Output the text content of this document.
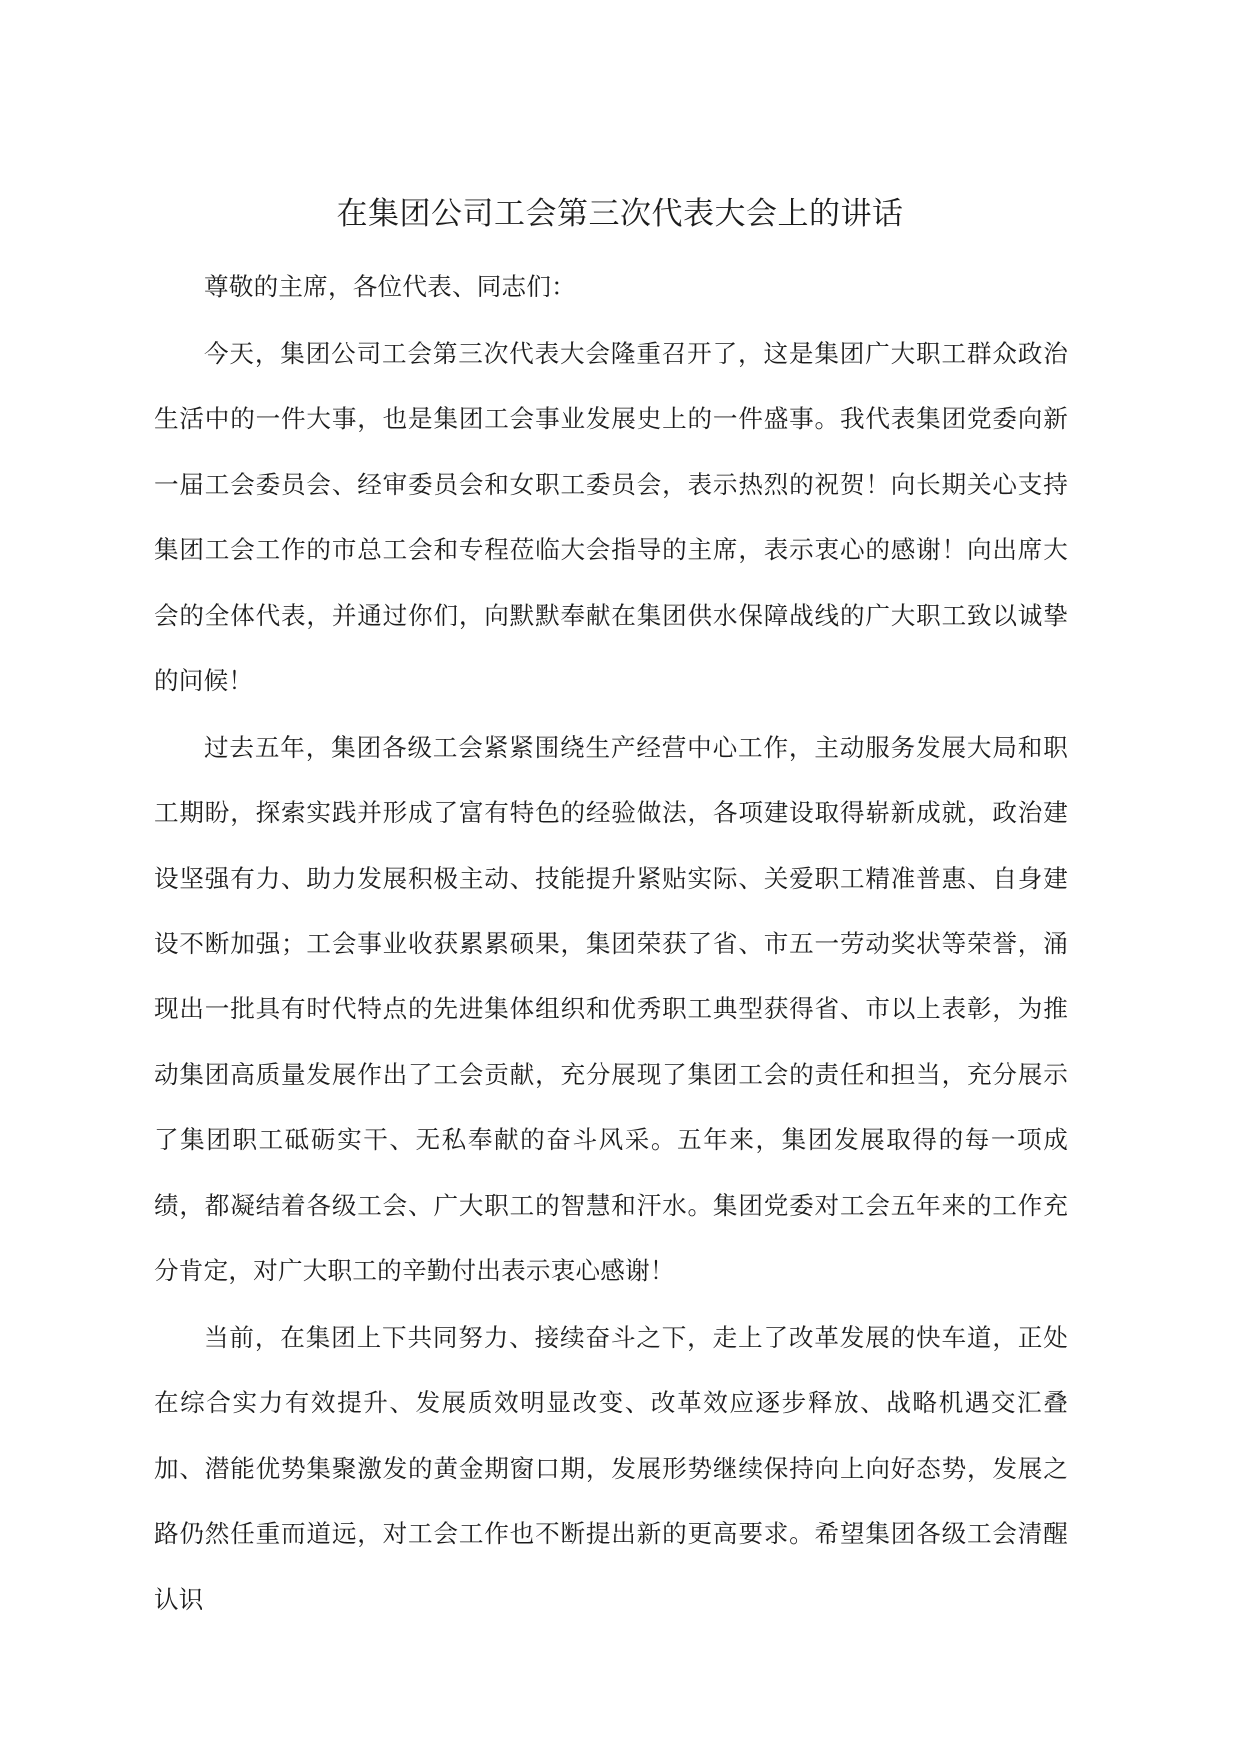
在集团公司工会第三次代表大会上的讲话

尊敬的主席，各位代表、同志们：

今天，集团公司工会第三次代表大会隆重召开了，这是集团广大职工群众政治生活中的一件大事，也是集团工会事业发展史上的一件盛事。我代表集团党委向新一届工会委员会、经审委员会和女职工委员会，表示热烈的祝贺！向长期关心支持集团工会工作的市总工会和专程莅临大会指导的主席，表示衷心的感谢！向出席大会的全体代表，并通过你们，向默默奉献在集团供水保障战线的广大职工致以诚挚的问候！

过去五年，集团各级工会紧紧围绕生产经营中心工作，主动服务发展大局和职工期盼，探索实践并形成了富有特色的经验做法，各项建设取得崭新成就，政治建设坚强有力、助力发展积极主动、技能提升紧贴实际、关爱职工精准普惠、自身建设不断加强；工会事业收获累累硕果，集团荣获了省、市五一劳动奖状等荣誉，涌现出一批具有时代特点的先进集体组织和优秀职工典型获得省、市以上表彰，为推动集团高质量发展作出了工会贡献，充分展现了集团工会的责任和担当，充分展示了集团职工砥砺实干、无私奉献的奋斗风采。五年来，集团发展取得的每一项成绩，都凝结着各级工会、广大职工的智慧和汗水。集团党委对工会五年来的工作充分肯定，对广大职工的辛勤付出表示衷心感谢！

当前，在集团上下共同努力、接续奋斗之下，走上了改革发展的快车道，正处在综合实力有效提升、发展质效明显改变、改革效应逐步释放、战略机遇交汇叠加、潜能优势集聚激发的黄金期窗口期，发展形势继续保持向上向好态势，发展之路仍然任重而道远，对工会工作也不断提出新的更高要求。希望集团各级工会清醒认识
